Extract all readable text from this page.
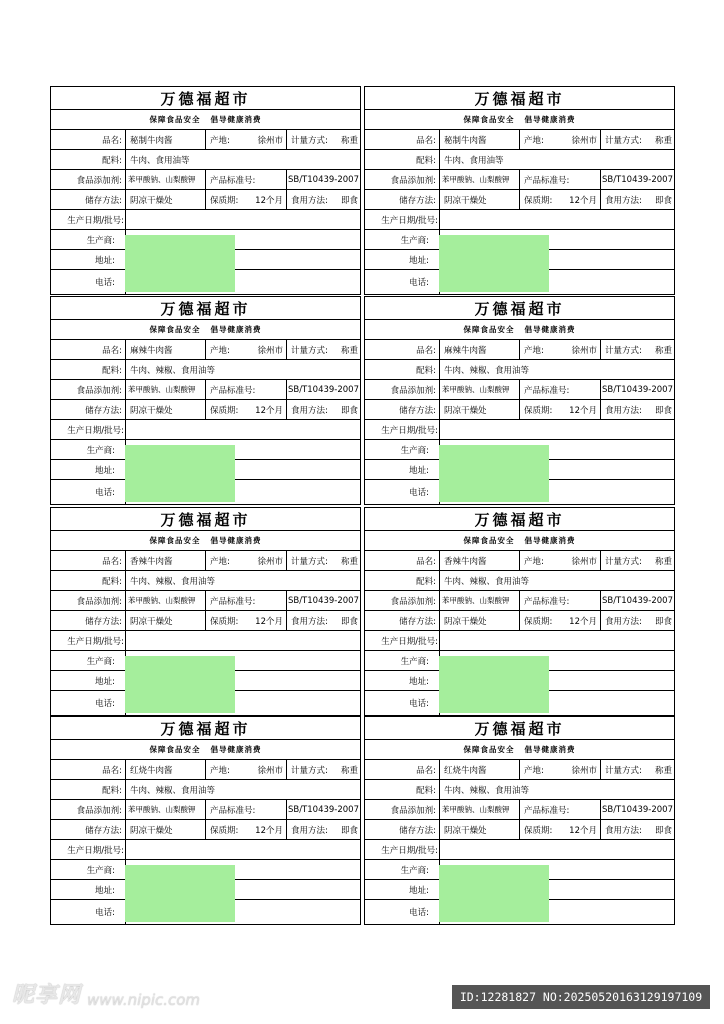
万德福超市
保障食品安全 倡导健康消费
品名: 秘制牛肉酱	产地:	徐州市 计量方式:	称重
配料: 牛肉、食用油等
食品添加剂: 苯甲酸钠、山梨酸钾	产品标准号:	SB/T10439-2007
储存方法: 阴凉干燥处	保质期:	12个月 食用方法:	即食
生产日期/批号:
生产商:
地址:
电话:
万德福超市
保障食品安全 倡导健康消费
品名: 秘制牛肉酱	产地:	徐州市 计量方式:	称重
配料: 牛肉、食用油等
食品添加剂: 苯甲酸钠、山梨酸钾	产品标准号:	SB/T10439-2007
储存方法: 阴凉干燥处	保质期:	12个月 食用方法:	即食
生产日期/批号:
生产商:
地址:
电话:
万德福超市
保障食品安全 倡导健康消费
品名: 麻辣牛肉酱	产地:	徐州市 计量方式:	称重
配料: 牛肉、辣椒、食用油等
食品添加剂: 苯甲酸钠、山梨酸钾	产品标准号:	SB/T10439-2007
储存方法: 阴凉干燥处	保质期:	12个月 食用方法:	即食
生产日期/批号:
生产商:
地址:
电话:
万德福超市
保障食品安全 倡导健康消费
品名: 麻辣牛肉酱	产地:	徐州市 计量方式:	称重
配料: 牛肉、辣椒、食用油等
食品添加剂: 苯甲酸钠、山梨酸钾	产品标准号:	SB/T10439-2007
储存方法: 阴凉干燥处	保质期:	12个月 食用方法:	即食
生产日期/批号:
生产商:
地址:
电话:
万德福超市
保障食品安全 倡导健康消费
品名: 香辣牛肉酱	产地:	徐州市 计量方式:	称重
配料: 牛肉、辣椒、食用油等
食品添加剂: 苯甲酸钠、山梨酸钾	产品标准号:	SB/T10439-2007
储存方法: 阴凉干燥处	保质期:	12个月 食用方法:	即食
生产日期/批号:
生产商:
地址:
电话:
万德福超市
保障食品安全 倡导健康消费
品名: 香辣牛肉酱	产地:	徐州市 计量方式:	称重
配料: 牛肉、辣椒、食用油等
食品添加剂: 苯甲酸钠、山梨酸钾	产品标准号:	SB/T10439-2007
储存方法: 阴凉干燥处	保质期:	12个月 食用方法:	即食
生产日期/批号:
生产商:
地址:
电话:
万德福超市
保障食品安全 倡导健康消费
品名: 红烧牛肉酱	产地:	徐州市 计量方式:	称重
配料: 牛肉、辣椒、食用油等
食品添加剂: 苯甲酸钠、山梨酸钾	产品标准号:	SB/T10439-2007
储存方法: 阴凉干燥处	保质期:	12个月 食用方法:	即食
生产日期/批号:
生产商:
地址:
电话:
万德福超市
保障食品安全 倡导健康消费
品名: 红烧牛肉酱	产地:	徐州市 计量方式:	称重
配料: 牛肉、辣椒、食用油等
食品添加剂: 苯甲酸钠、山梨酸钾	产品标准号:	SB/T10439-2007
储存方法: 阴凉干燥处	保质期:	12个月 食用方法:	即食
生产日期/批号:
生产商:
地址:
电话:
昵享网 www.nipic.com	ID:12281827 NO:20250520163129197109
